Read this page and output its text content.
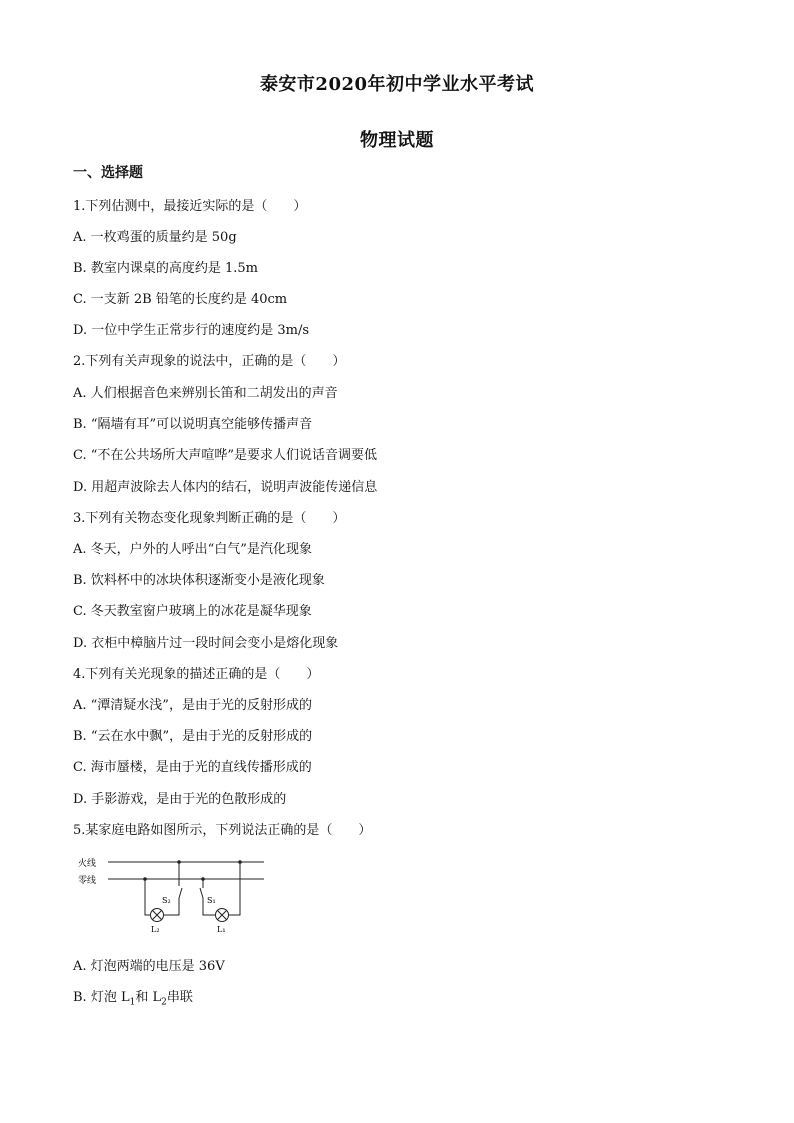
泰安市2020年初中学业水平考试
物理试题
一、选择题
1.下列估测中，最接近实际的是（　　）
A. 一枚鸡蛋的质量约是 50g
B. 教室内课桌的高度约是 1.5m
C. 一支新 2B 铅笔的长度约是 40cm
D. 一位中学生正常步行的速度约是 3m/s
2.下列有关声现象的说法中，正确的是（　　）
A. 人们根据音色来辨别长笛和二胡发出的声音
B. “隔墙有耳”可以说明真空能够传播声音
C. “不在公共场所大声喧哗”是要求人们说话音调要低
D. 用超声波除去人体内的结石，说明声波能传递信息
3.下列有关物态变化现象判断正确的是（　　）
A. 冬天，户外的人呼出“白气”是汽化现象
B. 饮料杯中的冰块体积逐渐变小是液化现象
C. 冬天教室窗户玻璃上的冰花是凝华现象
D. 衣柜中樟脑片过一段时间会变小是熔化现象
4.下列有关光现象的描述正确的是（　　）
A. “潭清疑水浅”，是由于光的反射形成的
B. “云在水中飘”，是由于光的反射形成的
C. 海市蜃楼，是由于光的直线传播形成的
D. 手影游戏，是由于光的色散形成的
5.某家庭电路如图所示，下列说法正确的是（　　）
火线
零线
S₂
L₂
S₁
L₁
A. 灯泡两端的电压是 36V
B. 灯泡 $L_1$和 $L_2$串联
